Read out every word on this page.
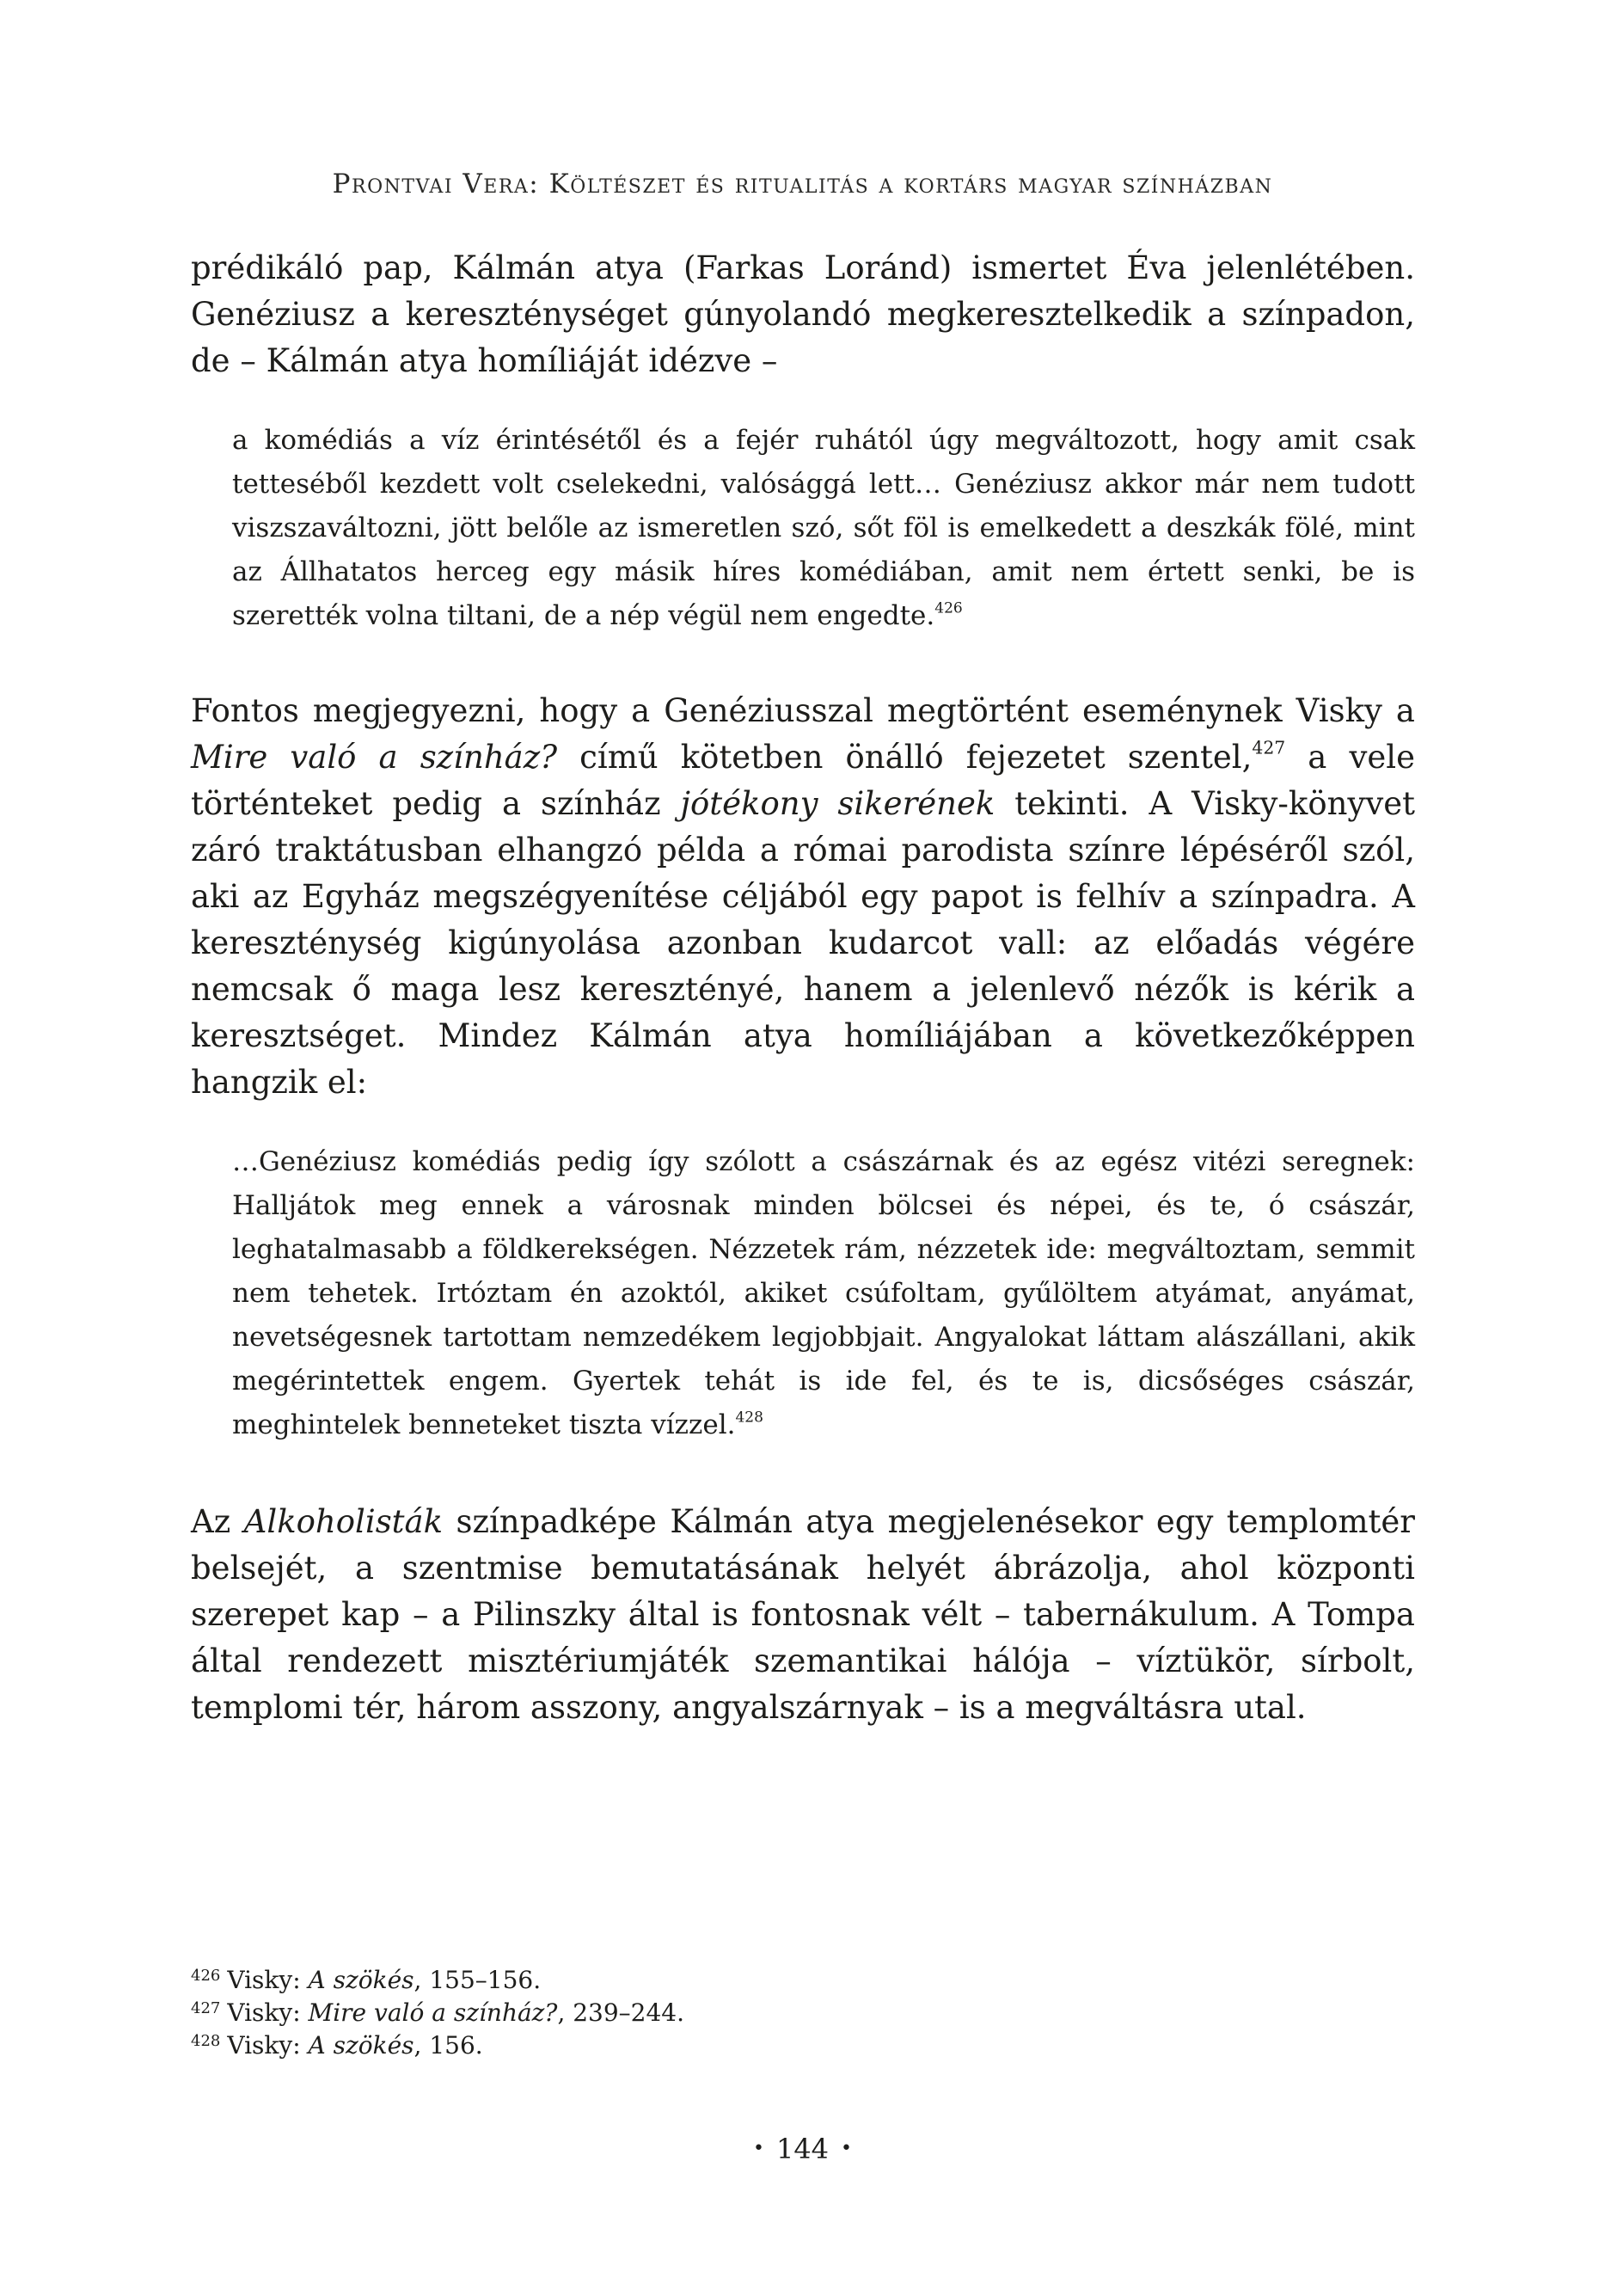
Prontvai Vera: Költészet és ritualitás a kortárs magyar színházban

prédikáló pap, Kálmán atya (Farkas Loránd) ismertet Éva jelenlétében. Genéziusz a kereszténységet gúnyolandó megkeresztelkedik a színpadon, de – Kálmán atya homíliáját idézve –

a komédiás a víz érintésétől és a fejér ruhától úgy megváltozott, hogy amit csak tetteséből kezdett volt cselekedni, valósággá lett… Genéziusz akkor már nem tudott viszszaváltozni, jött belőle az ismeretlen szó, sőt föl is emelkedett a deszkák fölé, mint az Állhatatos herceg egy másik híres komédiában, amit nem értett senki, be is szerették volna tiltani, de a nép végül nem engedte.$^{426}$

Fontos megjegyezni, hogy a Genéziusszal megtörtént eseménynek Visky a Mire való a színház? című kötetben önálló fejezetet szentel,$^{427}$ a vele történteket pedig a színház jótékony sikerének tekinti. A Visky-könyvet záró traktátusban elhangzó példa a római parodista színre lépéséről szól, aki az Egyház megszégyenítése céljából egy papot is felhív a színpadra. A kereszténység kigúnyolása azonban kudarcot vall: az előadás végére nemcsak ő maga lesz keresztényé, hanem a jelenlevő nézők is kérik a keresztséget. Mindez Kálmán atya homíliájában a következőképpen hangzik el:

…Genéziusz komédiás pedig így szólott a császárnak és az egész vitézi seregnek: Halljátok meg ennek a városnak minden bölcsei és népei, és te, ó császár, leghatalmasabb a földkerekségen. Nézzetek rám, nézzetek ide: megváltoztam, semmit nem tehetek. Irtóztam én azoktól, akiket csúfoltam, gyűlöltem atyámat, anyámat, nevetségesnek tartottam nemzedékem legjobbjait. Angyalokat láttam alászállani, akik megérintettek engem. Gyertek tehát is ide fel, és te is, dicsőséges császár, meghintelek benneteket tiszta vízzel.$^{428}$

Az Alkoholisták színpadképe Kálmán atya megjelenésekor egy templomtér belsejét, a szentmise bemutatásának helyét ábrázolja, ahol központi szerepet kap – a Pilinszky által is fontosnak vélt – tabernákulum. A Tompa által rendezett misztériumjáték szemantikai hálója – víztükör, sírbolt, templomi tér, három asszony, angyalszárnyak – is a megváltásra utal.

$^{426}$ Visky: A szökés, 155–156.

$^{427}$ Visky: Mire való a színház?, 239–244.

$^{428}$ Visky: A szökés, 156.

• 144 •
